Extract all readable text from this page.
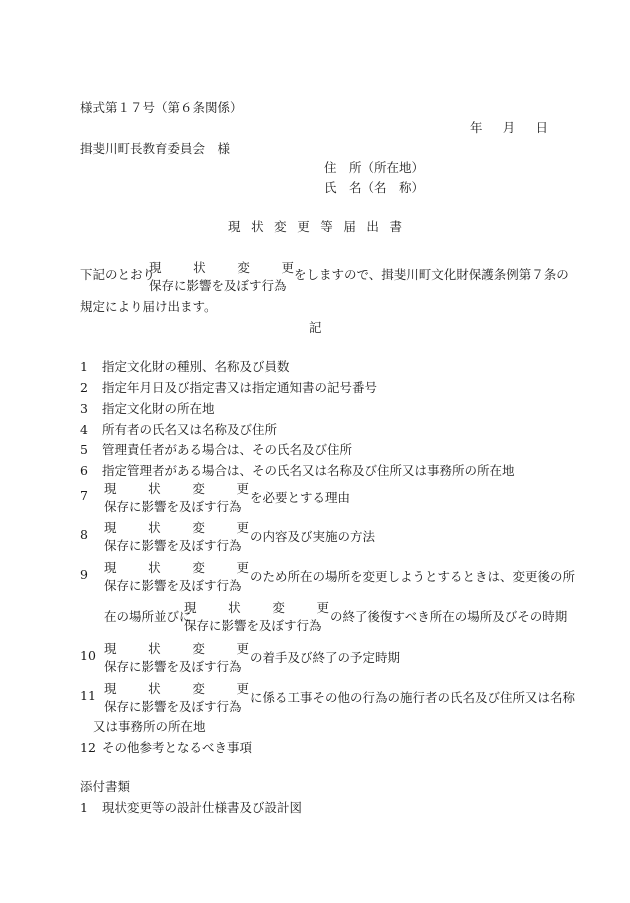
様式第１７号（第６条関係）
年 月 日
揖斐川町長教育委員会　様
住　所（所在地）
氏　名（名　称）
現 状 変 更 等 届 出 書
下記のとおり
現	状	変	更
保存に影響を及ぼす行為
をしますので、揖斐川町文化財保護条例第７条の
規定により届け出ます。
記
1 指定文化財の種別、名称及び員数
2 指定年月日及び指定書又は指定通知書の記号番号
3 指定文化財の所在地
4 所有者の氏名又は名称及び住所
5 管理責任者がある場合は、その氏名及び住所
6 指定管理者がある場合は、その氏名又は名称及び住所又は事務所の所在地
7 現	状	変	更
保存に影響を及ぼす行為
を必要とする理由
8 現	状	変	更
保存に影響を及ぼす行為
の内容及び実施の方法
9 現	状	変	更
保存に影響を及ぼす行為
のため所在の場所を変更しようとするときは、変更後の所
在の場所並びに
現	状	変	更
保存に影響を及ぼす行為
の終了後復すべき所在の場所及びその時期
10 現	状	変	更
保存に影響を及ぼす行為
の着手及び終了の予定時期
11 現	状	変	更
保存に影響を及ぼす行為
に係る工事その他の行為の施行者の氏名及び住所又は名称
又は事務所の所在地
12 その他参考となるべき事項
添付書類
1 現状変更等の設計仕様書及び設計図
